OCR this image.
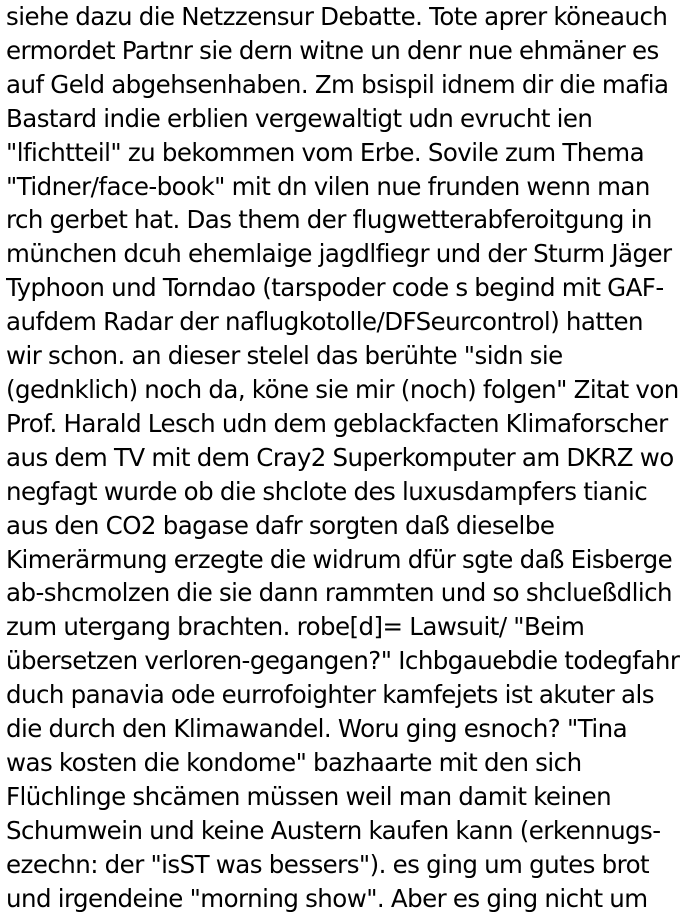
siehe dazu die Netzzensur Debatte. Tote aprer köneauch
ermordet Partnr sie dern witne un denr nue ehmäner es
auf Geld abgehsenhaben. Zm bsispil idnem dir die mafia
Bastard indie erblien vergewaltigt udn evrucht ien
"lfichtteil" zu bekommen vom Erbe. Sovile zum Thema
"Tidner/face-book" mit dn vilen nue frunden wenn man
rch gerbet hat. Das them der flugwetterabferoitgung in
münchen dcuh ehemlaige jagdlfiegr und der Sturm Jäger
Typhoon und Torndao (tarspoder code s begind mit GAF-
aufdem Radar der naflugkotolle/DFSeurcontrol) hatten
wir schon. an dieser stelel das berühte "sidn sie
(gednklich) noch da, köne sie mir (noch) folgen" Zitat von
Prof. Harald Lesch udn dem geblackfacten Klimaforscher
aus dem TV mit dem Cray2 Superkomputer am DKRZ wo
negfagt wurde ob die shclote des luxusdampfers tianic
aus den CO2 bagase dafr sorgten daß dieselbe
Kimerärmung erzegte die widrum dfür sgte daß Eisberge
ab-shcmolzen die sie dann rammten und so shclueßdlich
zum utergang brachten. robe[d]= Lawsuit/ "Beim
übersetzen verloren-gegangen?" Ichbgauebdie todegfahr
duch panavia ode eurrofoighter kamfejets ist akuter als
die durch den Klimawandel. Woru ging esnoch? "Tina
was kosten die kondome" bazhaarte mit den sich
Flüchlinge shcämen müssen weil man damit keinen
Schumwein und keine Austern kaufen kann (erkennugs-
ezechn: der "isST was bessers"). es ging um gutes brot
und irgendeine "morning show". Aber es ging nicht um
